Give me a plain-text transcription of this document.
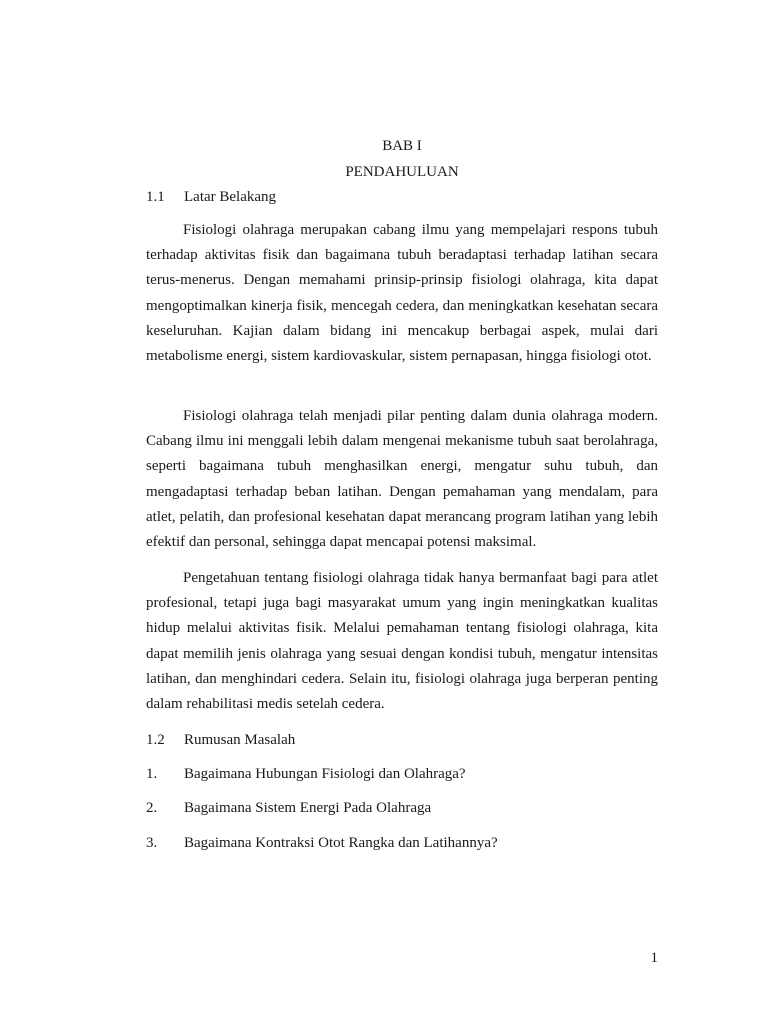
BAB I
PENDAHULUAN
1.1 Latar Belakang

Fisiologi olahraga merupakan cabang ilmu yang mempelajari respons tubuh terhadap aktivitas fisik dan bagaimana tubuh beradaptasi terhadap latihan secara terus-menerus. Dengan memahami prinsip-prinsip fisiologi olahraga, kita dapat mengoptimalkan kinerja fisik, mencegah cedera, dan meningkatkan kesehatan secara keseluruhan. Kajian dalam bidang ini mencakup berbagai aspek, mulai dari metabolisme energi, sistem kardiovaskular, sistem pernapasan, hingga fisiologi otot.

Fisiologi olahraga telah menjadi pilar penting dalam dunia olahraga modern. Cabang ilmu ini menggali lebih dalam mengenai mekanisme tubuh saat berolahraga, seperti bagaimana tubuh menghasilkan energi, mengatur suhu tubuh, dan mengadaptasi terhadap beban latihan. Dengan pemahaman yang mendalam, para atlet, pelatih, dan profesional kesehatan dapat merancang program latihan yang lebih efektif dan personal, sehingga dapat mencapai potensi maksimal.

Pengetahuan tentang fisiologi olahraga tidak hanya bermanfaat bagi para atlet profesional, tetapi juga bagi masyarakat umum yang ingin meningkatkan kualitas hidup melalui aktivitas fisik. Melalui pemahaman tentang fisiologi olahraga, kita dapat memilih jenis olahraga yang sesuai dengan kondisi tubuh, mengatur intensitas latihan, dan menghindari cedera. Selain itu, fisiologi olahraga juga berperan penting dalam rehabilitasi medis setelah cedera.

1.2 Rumusan Masalah
1. Bagaimana Hubungan Fisiologi dan Olahraga?
2. Bagaimana Sistem Energi Pada Olahraga
3. Bagaimana Kontraksi Otot Rangka dan Latihannya?
1
